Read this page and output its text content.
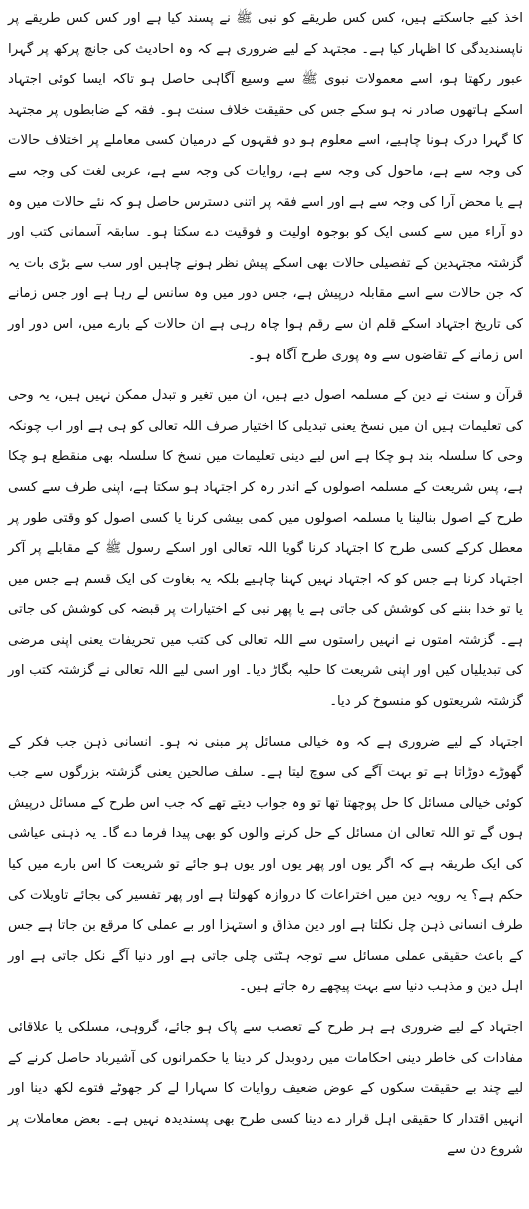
اخذ کیے جاسکتے ہیں، کس کس طریقے کو نبی ﷺ نے پسند کیا ہے اور کس کس طریقے پر ناپسندیدگی کا اظہار کیا ہے۔ مجتہد کے لیے ضروری ہے کہ وہ احادیث کی جانچ پرکھ پر گہرا عبور رکھتا ہو، اسے معمولات نبوی ﷺ سے وسیع آگاہی حاصل ہو تاکہ ایسا کوئی اجتہاد اسکے ہاتھوں صادر نہ ہو سکے جس کی حقیقت خلاف سنت ہو۔ فقہ کے ضابطوں پر مجتہد کا گہرا درک ہونا چاہیے، اسے معلوم ہو دو فقہوں کے درمیان کسی معاملے پر اختلاف حالات کی وجہ سے ہے، ماحول کی وجہ سے ہے، روایات کی وجہ سے ہے، عربی لغت کی وجہ سے ہے یا محض آرا کی وجہ سے ہے اور اسے فقہ پر اتنی دسترس حاصل ہو کہ نئے حالات میں وہ دو آراء میں سے کسی ایک کو بوجوہ اولیت و فوقیت دے سکتا ہو۔ سابقہ آسمانی کتب اور گزشتہ مجتہدین کے تفصیلی حالات بھی اسکے پیش نظر ہونے چاہیں اور سب سے بڑی بات یہ کہ جن حالات سے اسے مقابلہ درپیش ہے، جس دور میں وہ سانس لے رہا ہے اور جس زمانے کی تاریخ اجتہاد اسکے قلم ان سے رقم ہوا چاہ رہی ہے ان حالات کے بارے میں، اس دور اور اس زمانے کے تقاضوں سے وہ پوری طرح آگاہ ہو۔

قرآن و سنت نے دین کے مسلمہ اصول دیے ہیں، ان میں تغیر و تبدل ممکن نہیں ہیں، یہ وحی کی تعلیمات ہیں ان میں نسخ یعنی تبدیلی کا اختیار صرف اللہ تعالی کو ہی ہے اور اب چونکہ وحی کا سلسلہ بند ہو چکا ہے اس لیے دینی تعلیمات میں نسخ کا سلسلہ بھی منقطع ہو چکا ہے، پس شریعت کے مسلمہ اصولوں کے اندر رہ کر اجتہاد ہو سکتا ہے، اپنی طرف سے کسی طرح کے اصول بنالینا یا مسلمہ اصولوں میں کمی بیشی کرنا یا کسی اصول کو وقتی طور پر معطل کرکے کسی طرح کا اجتہاد کرنا گویا اللہ تعالی اور اسکے رسول ﷺ کے مقابلے پر آکر اجتہاد کرنا ہے جس کو کہ اجتہاد نہیں کہنا چاہیے بلکہ یہ بغاوت کی ایک قسم ہے جس میں یا تو خدا بننے کی کوشش کی جاتی ہے یا پھر نبی کے اختیارات پر قبضہ کی کوشش کی جاتی ہے۔ گزشتہ امتوں نے انہیں راستوں سے اللہ تعالی کی کتب میں تحریفات یعنی اپنی مرضی کی تبدیلیاں کیں اور اپنی شریعت کا حلیہ بگاڑ دیا۔ اور اسی لیے اللہ تعالی نے گزشتہ کتب اور گزشتہ شریعتوں کو منسوخ کر دیا۔

اجتہاد کے لیے ضروری ہے کہ وہ خیالی مسائل پر مبنی نہ ہو۔ انسانی ذہن جب فکر کے گھوڑے دوڑاتا ہے تو بہت آگے کی سوچ لیتا ہے۔ سلف صالحین یعنی گزشتہ بزرگوں سے جب کوئی خیالی مسائل کا حل پوچھتا تھا تو وہ جواب دیتے تھے کہ جب اس طرح کے مسائل درپیش ہوں گے تو اللہ تعالی ان مسائل کے حل کرنے والوں کو بھی پیدا فرما دے گا۔ یہ ذہنی عیاشی کی ایک طریقہ ہے کہ اگر یوں اور پھر یوں اور یوں ہو جائے تو شریعت کا اس بارے میں کیا حکم ہے؟ یہ رویہ دین میں اختراعات کا دروازہ کھولتا ہے اور پھر تفسیر کی بجائے تاویلات کی طرف انسانی ذہن چل نکلتا ہے اور دین مذاق و استہزا اور بے عملی کا مرقع بن جاتا ہے جس کے باعث حقیقی عملی مسائل سے توجہ ہٹتی چلی جاتی ہے اور دنیا آگے نکل جاتی ہے اور اہل دین و مذہب دنیا سے بہت پیچھے رہ جاتے ہیں۔

اجتہاد کے لیے ضروری ہے ہر طرح کے تعصب سے پاک ہو جائے، گروہی، مسلکی یا علاقائی مفادات کی خاطر دینی احکامات میں ردوبدل کر دینا یا حکمرانوں کی آشیرباد حاصل کرنے کے لیے چند بے حقیقت سکوں کے عوض ضعیف روایات کا سہارا لے کر جھوٹے فتوے لکھ دینا اور انہیں اقتدار کا حقیقی اہل قرار دے دینا کسی طرح بھی پسندیدہ نہیں ہے۔ بعض معاملات پر شروع دن سے
